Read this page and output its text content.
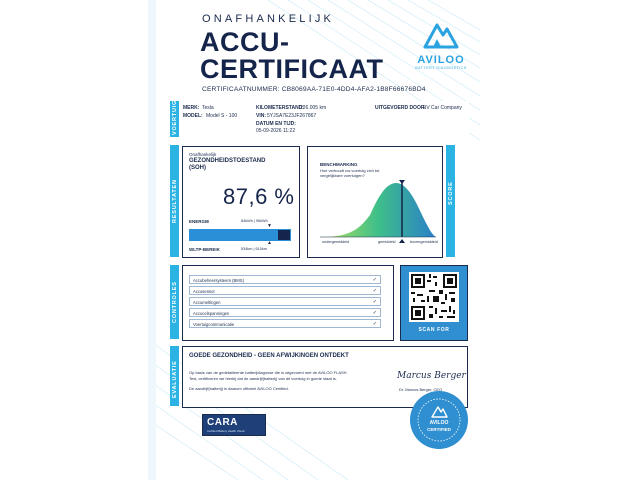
ONAFHANKELIJK
ACCU-
CERTIFICAAT
CERTIFICAATNUMMER: CB8069AA-71E0-4DD4-AFA2-1B8F66676BD4
AVILOO
BATTERY DIAGNOSTICS
VOERTUIG MERK: Tesla
MODEL: Model S - 100
KILOMETERSTAND:
226.005 km
VIN: 5YJSA7E23JF267867
DATUM EN TIJD:
05-09-2026 11:22
UITGEVOERD DOOR:
EV Car Company
RESULTATEN
Onafhankelijk
GEZONDHEIDSTOESTAND (SOH)
87,6 %
ENERGIE	84kWh | 96kWh
▼
▲
WLTP-BEREIK	534km | 610km
BENCHMARKING
Hoe verhoudt uw voertuig zich tot vergelijkbare voertuigen?
ondergemiddeld	gemiddeld	bovengemiddeld
SCORE
CONTROLES
Accubeheersysteem (BMS)	✓
Accusensor	✓
Accumeltingen	✓
Accucelspanningen	✓
Voertuigcommunicatie	✓
SCAN FOR
EVALUATIE
GOEDE GEZONDHEID - GEEN AFWIJKINGEN ONTDEKT
Op basis van de gedetailleerde batterijdiagnose die is uitgevoerd met de AVILOO FLASH
Test, certificeren we hierbij dat de aandrijf(batterij) van dit voertuig in goede staat is.
De aandrijf(batterij) is daarom officieel AVILOO Certified.
Marcus Berger
Dr. Marcus Berger, CEO
CARA
Certified Battery Health Check
AVILOO
CERTIFIED
